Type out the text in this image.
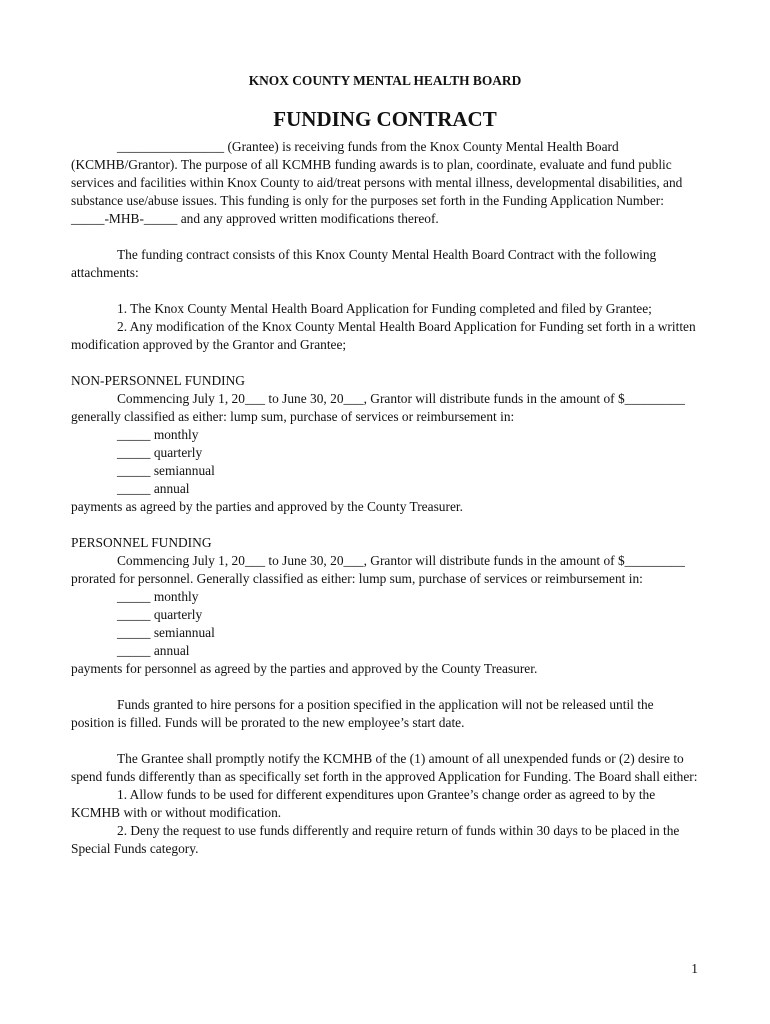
KNOX COUNTY MENTAL HEALTH BOARD
FUNDING CONTRACT

________________ (Grantee) is receiving funds from the Knox County Mental Health Board (KCMHB/Grantor). The purpose of all KCMHB funding awards is to plan, coordinate, evaluate and fund public services and facilities within Knox County to aid/treat persons with mental illness, developmental disabilities, and substance use/abuse issues. This funding is only for the purposes set forth in the Funding Application Number: _____-MHB-_____ and any approved written modifications thereof.

The funding contract consists of this Knox County Mental Health Board Contract with the following attachments:

1. The Knox County Mental Health Board Application for Funding completed and filed by Grantee;

2. Any modification of the Knox County Mental Health Board Application for Funding set forth in a written modification approved by the Grantor and Grantee;

NON-PERSONNEL FUNDING

Commencing July 1, 20___ to June 30, 20___, Grantor will distribute funds in the amount of $_________ generally classified as either: lump sum, purchase of services or reimbursement in:

_____ monthly

_____ quarterly

_____ semiannual

_____ annual

payments as agreed by the parties and approved by the County Treasurer.

PERSONNEL FUNDING

Commencing July 1, 20___ to June 30, 20___, Grantor will distribute funds in the amount of $_________ prorated for personnel. Generally classified as either: lump sum, purchase of services or reimbursement in:

_____ monthly

_____ quarterly

_____ semiannual

_____ annual

payments for personnel as agreed by the parties and approved by the County Treasurer.

Funds granted to hire persons for a position specified in the application will not be released until the position is filled. Funds will be prorated to the new employee’s start date.

The Grantee shall promptly notify the KCMHB of the (1) amount of all unexpended funds or (2) desire to spend funds differently than as specifically set forth in the approved Application for Funding. The Board shall either:

1. Allow funds to be used for different expenditures upon Grantee’s change order as agreed to by the KCMHB with or without modification.

2. Deny the request to use funds differently and require return of funds within 30 days to be placed in the Special Funds category.

1
